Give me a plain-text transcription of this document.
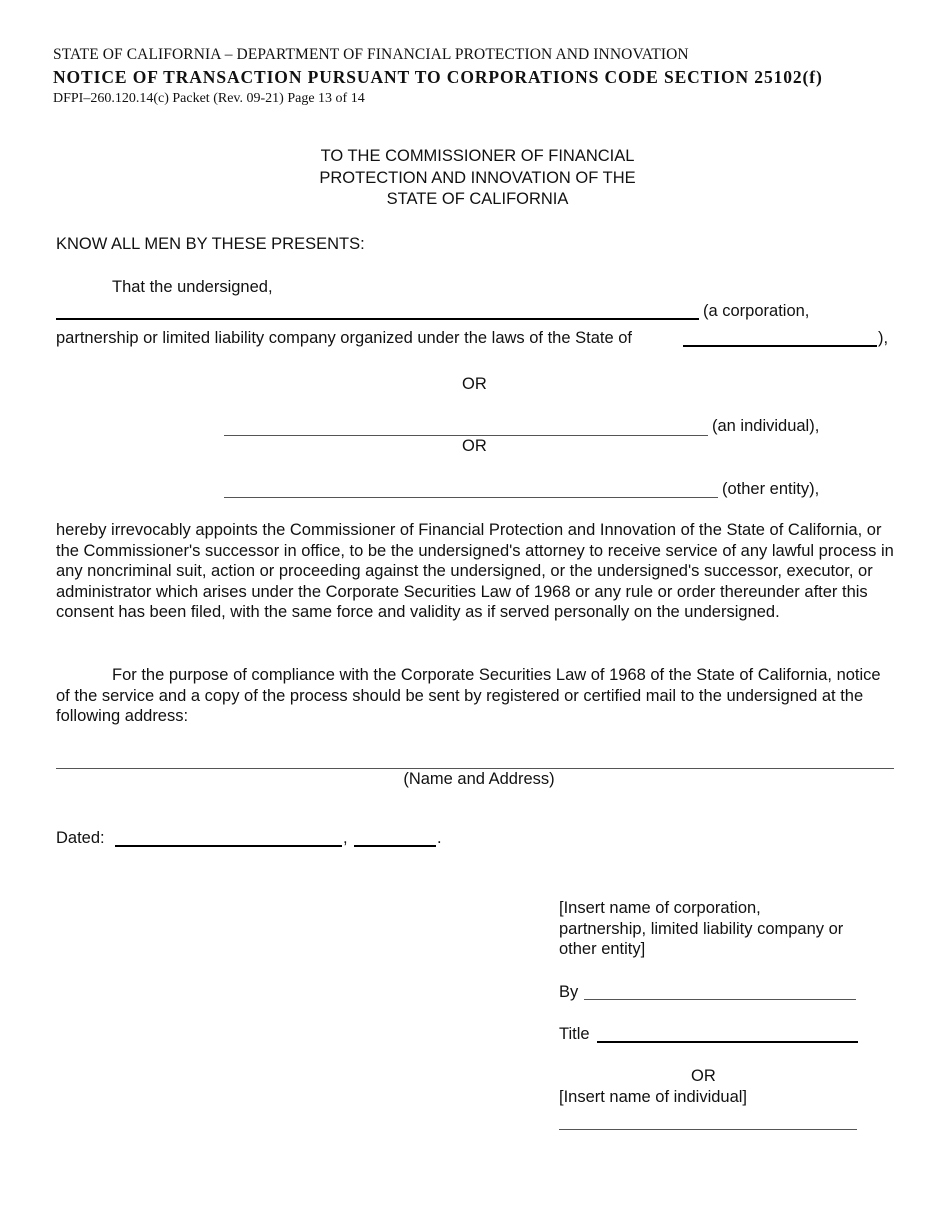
STATE OF CALIFORNIA – DEPARTMENT OF FINANCIAL PROTECTION AND INNOVATION
NOTICE OF TRANSACTION PURSUANT TO CORPORATIONS CODE SECTION 25102(f)
DFPI–260.120.14(c) Packet (Rev. 09-21) Page 13 of 14
TO THE COMMISSIONER OF FINANCIAL
PROTECTION AND INNOVATION OF THE
STATE OF CALIFORNIA
KNOW ALL MEN BY THESE PRESENTS:
That the undersigned,
(a corporation,
partnership or limited liability company organized under the laws of the State of	),
OR
(an individual),
OR
(other entity),
hereby irrevocably appoints the Commissioner of Financial Protection and Innovation of the State of California, or the Commissioner's successor in office, to be the undersigned's attorney to receive service of any lawful process in any noncriminal suit, action or proceeding against the undersigned, or the undersigned's successor, executor, or administrator which arises under the Corporate Securities Law of 1968 or any rule or order thereunder after this consent has been filed, with the same force and validity as if served personally on the undersigned.
For the purpose of compliance with the Corporate Securities Law of 1968 of the State of California, notice of the service and a copy of the process should be sent by registered or certified mail to the undersigned at the following address:
(Name and Address)
Dated:	,	.
[Insert name of corporation,
partnership, limited liability company or
other entity]
By
Title
OR
[Insert name of individual]
